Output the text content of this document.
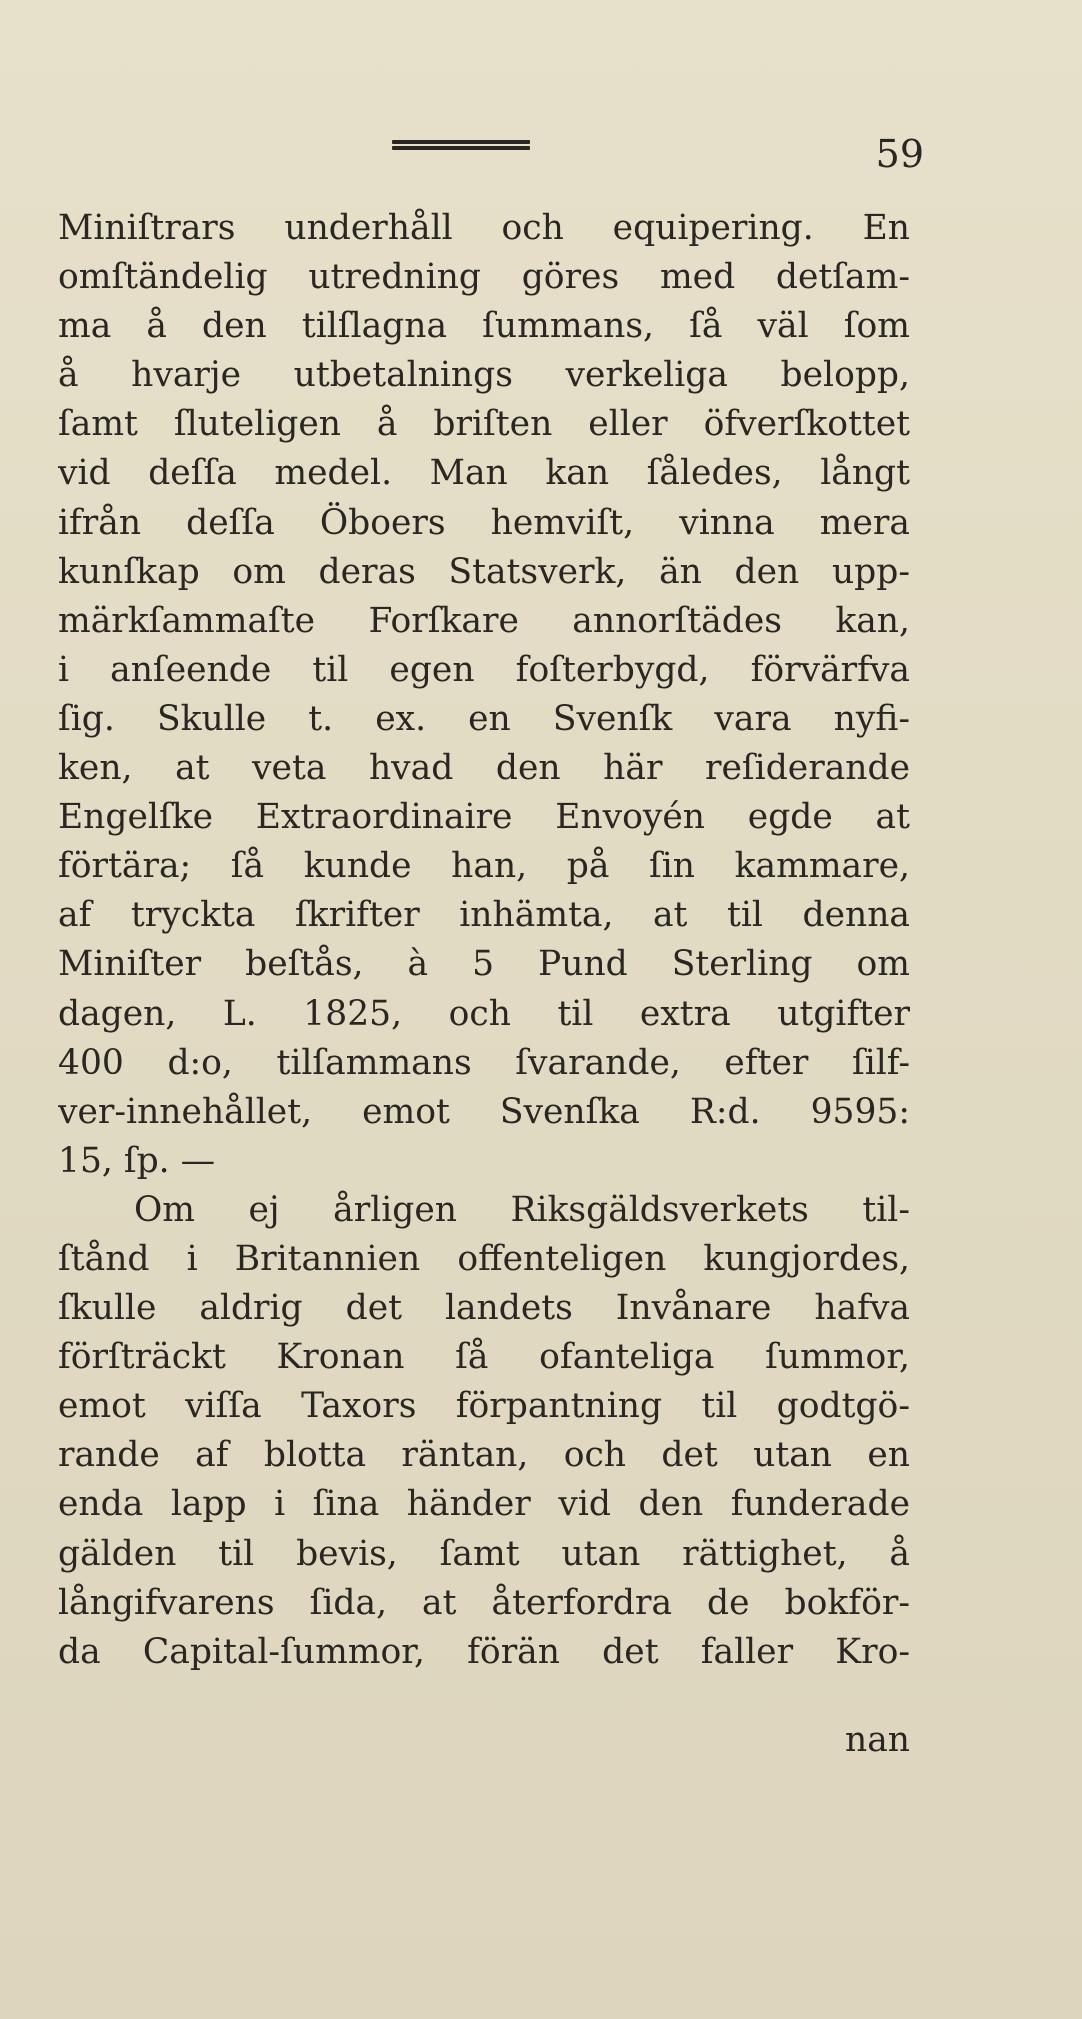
59
Miniſtrars underhåll och equipering. En
omſtändelig utredning göres med detſam-
ma å den tilſlagna ſummans, ſå väl ſom
å hvarje utbetalnings verkeliga belopp,
ſamt ſluteligen å briſten eller öfverſkottet
vid deſſa medel. Man kan ſåledes, långt
ifrån deſſa Öboers hemviſt, vinna mera
kunſkap om deras Statsverk, än den upp-
märkſammaſte Forſkare annorſtädes kan,
i anſeende til egen foſterbygd, förvärfva
ſig. Skulle t. ex. en Svenſk vara nyfi-
ken, at veta hvad den här reſiderande
Engelſke Extraordinaire Envoyén egde at
förtära; ſå kunde han, på ſin kammare,
af tryckta ſkrifter inhämta, at til denna
Miniſter beſtås, à 5 Pund Sterling om
dagen, L. 1825, och til extra utgifter
400 d:o, tilſammans ſvarande, efter ſilf-
ver-innehållet, emot Svenſka R:d. 9595:
15, ſp. —
Om ej årligen Riksgäldsverkets til-
ſtånd i Britannien offenteligen kungjordes,
ſkulle aldrig det landets Invånare hafva
förſträckt Kronan ſå ofanteliga ſummor,
emot viſſa Taxors förpantning til godtgö-
rande af blotta räntan, och det utan en
enda lapp i ſina händer vid den funderade
gälden til bevis, ſamt utan rättighet, å
långifvarens ſida, at återfordra de bokför-
da Capital-ſummor, förän det faller Kro-
nan
